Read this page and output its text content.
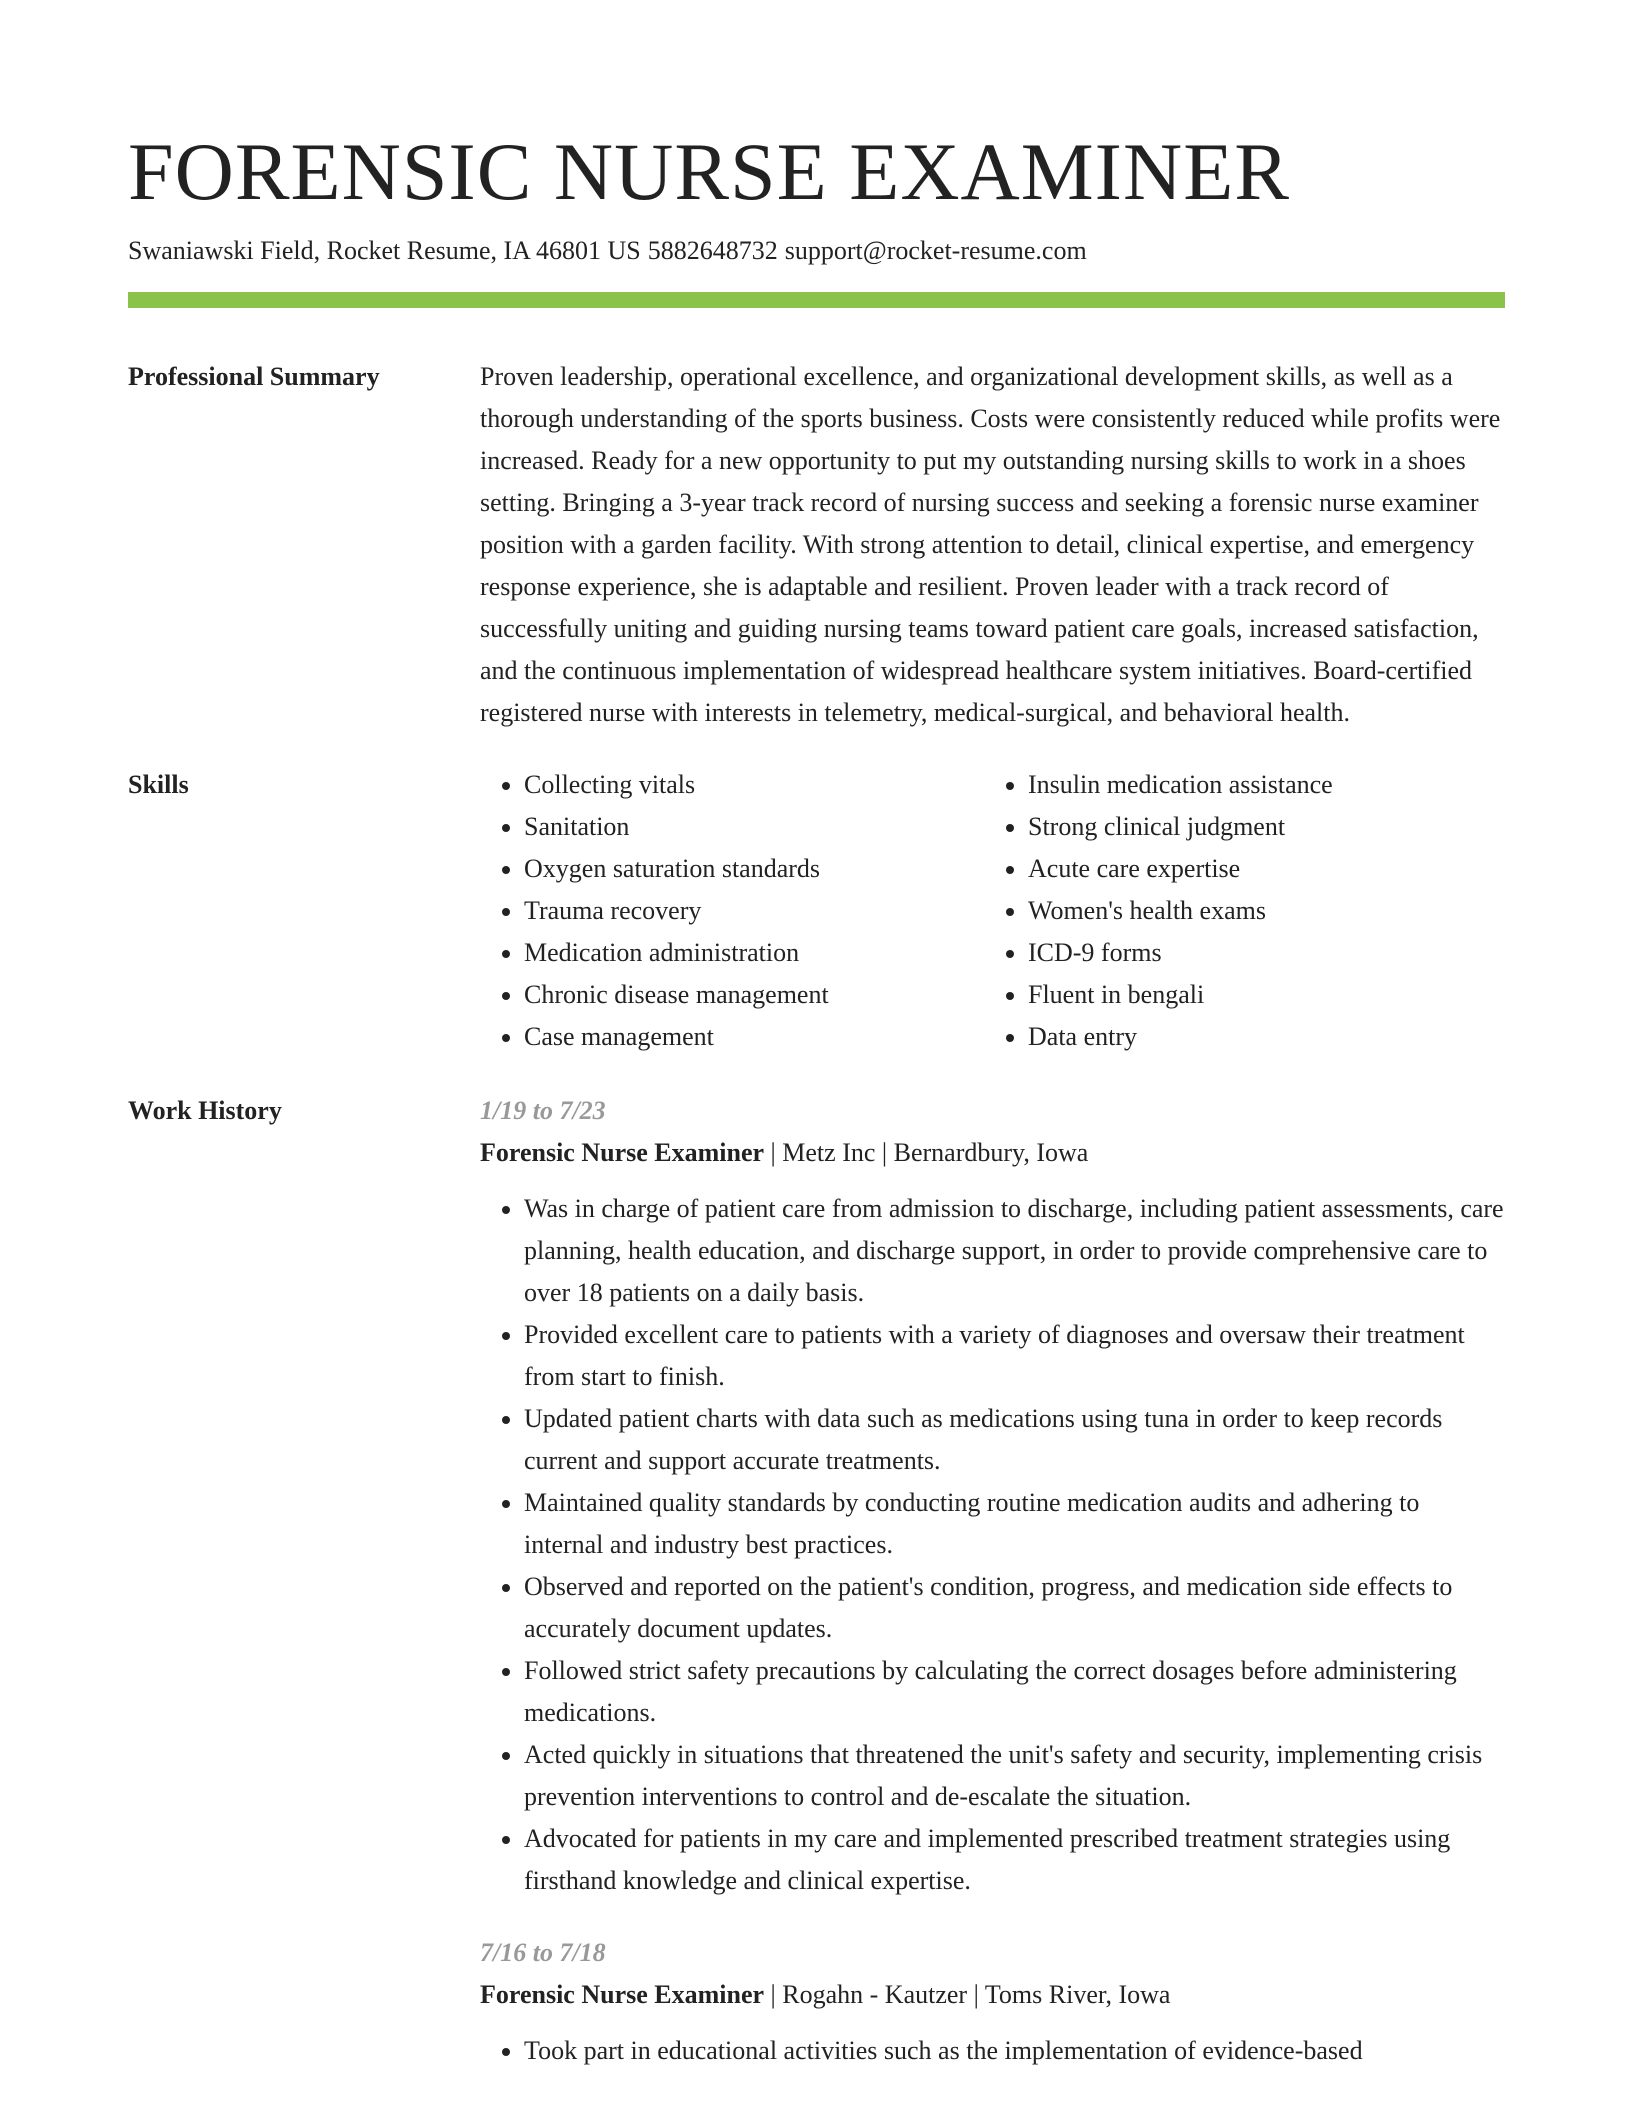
FORENSIC NURSE EXAMINER
Swaniawski Field, Rocket Resume, IA 46801 US 5882648732 support@rocket-resume.com
Professional Summary	Proven leadership, operational excellence, and organizational development skills, as well as a thorough understanding of the sports business. Costs were consistently reduced while profits were increased. Ready for a new opportunity to put my outstanding nursing skills to work in a shoes setting. Bringing a 3-year track record of nursing success and seeking a forensic nurse examiner position with a garden facility. With strong attention to detail, clinical expertise, and emergency response experience, she is adaptable and resilient. Proven leader with a track record of successfully uniting and guiding nursing teams toward patient care goals, increased satisfaction, and the continuous implementation of widespread healthcare system initiatives. Board-certified registered nurse with interests in telemetry, medical-surgical, and behavioral health.

Skills
•	Collecting vitals
• Sanitation
• Oxygen saturation standards
• Trauma recovery
• Medication administration
• Chronic disease management
• Case management
• Insulin medication assistance
• Strong clinical judgment
• Acute care expertise
• Women's health exams
• ICD-9 forms
• Fluent in bengali
• Data entry
Work History	1/19 to 7/23
Forensic Nurse Examiner | Metz Inc | Bernardbury, Iowa
• Was in charge of patient care from admission to discharge, including patient assessments, care planning, health education, and discharge support, in order to provide comprehensive care to over 18 patients on a daily basis.
• Provided excellent care to patients with a variety of diagnoses and oversaw their treatment from start to finish.
• Updated patient charts with data such as medications using tuna in order to keep records current and support accurate treatments.
• Maintained quality standards by conducting routine medication audits and adhering to internal and industry best practices.
• Observed and reported on the patient's condition, progress, and medication side effects to accurately document updates.
• Followed strict safety precautions by calculating the correct dosages before administering medications.
• Acted quickly in situations that threatened the unit's safety and security, implementing crisis prevention interventions to control and de-escalate the situation.
• Advocated for patients in my care and implemented prescribed treatment strategies using firsthand knowledge and clinical expertise.
7/16 to 7/18
Forensic Nurse Examiner | Rogahn - Kautzer | Toms River, Iowa
• Took part in educational activities such as the implementation of evidence-based
